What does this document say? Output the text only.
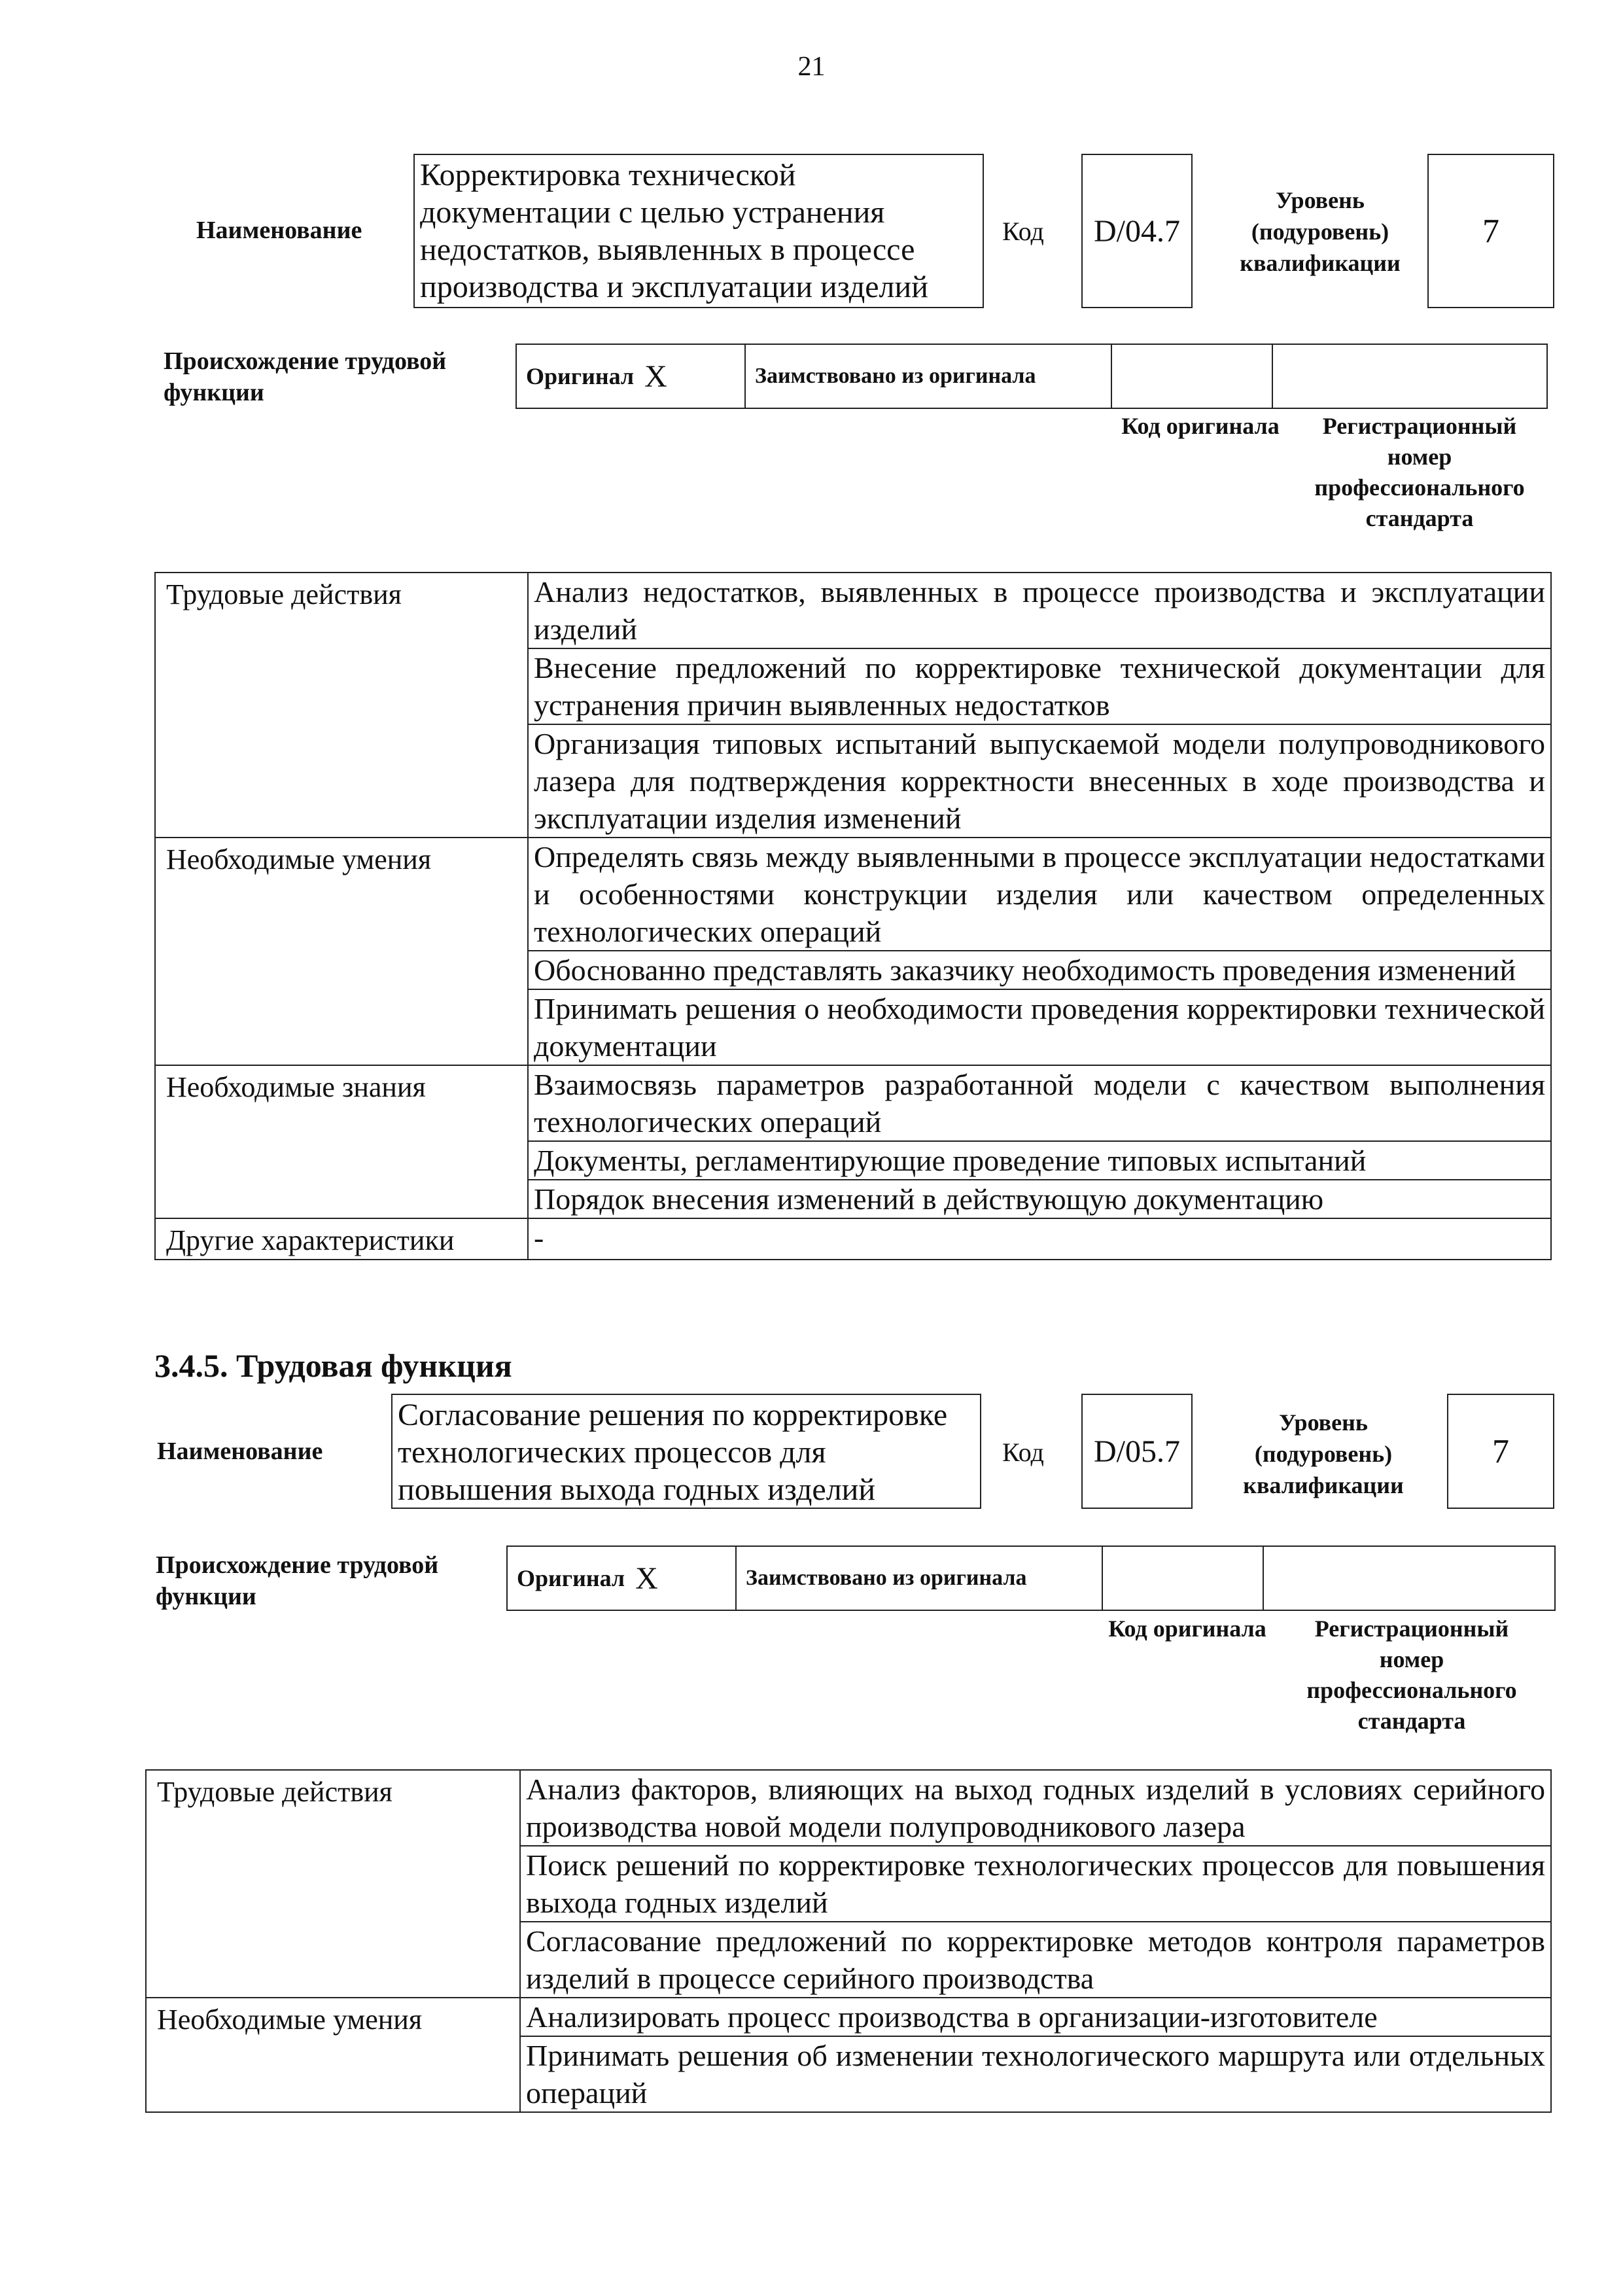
21
Наименование
Корректировка технической документации с целью устранения недостатков, выявленных в процессе производства и эксплуатации изделий
Код	D/04.7
Уровень
(подуровень)
квалификации
7
Происхождение трудовой функции
Оригинал X	Заимствовано из оригинала
Код оригинала	Регистрационный номер профессионального стандарта
Трудовые действия	Анализ недостатков, выявленных в процессе производства и эксплуатации изделий
	Внесение предложений по корректировке технической документации для устранения причин выявленных недостатков
	Организация типовых испытаний выпускаемой модели полупроводникового лазера для подтверждения корректности внесенных в ходе производства и эксплуатации изделия изменений
Необходимые умения	Определять связь между выявленными в процессе эксплуатации недостатками и особенностями конструкции изделия или качеством определенных технологических операций
	Обоснованно представлять заказчику необходимость проведения изменений
	Принимать решения о необходимости проведения корректировки технической документации
Необходимые знания	Взаимосвязь параметров разработанной модели с качеством выполнения технологических операций
	Документы, регламентирующие проведение типовых испытаний
	Порядок внесения изменений в действующую документацию
Другие характеристики	-
3.4.5. Трудовая функция
Наименование
Согласование решения по корректировке технологических процессов для повышения выхода годных изделий
Код	D/05.7
Уровень
(подуровень)
квалификации
7
Происхождение трудовой функции
Оригинал X	Заимствовано из оригинала
Код оригинала	Регистрационный номер профессионального стандарта
Трудовые действия	Анализ факторов, влияющих на выход годных изделий в условиях серийного производства новой модели полупроводникового лазера
	Поиск решений по корректировке технологических процессов для повышения выхода годных изделий
	Согласование предложений по корректировке методов контроля параметров изделий в процессе серийного производства
Необходимые умения	Анализировать процесс производства в организации-изготовителе
	Принимать решения об изменении технологического маршрута или отдельных операций
